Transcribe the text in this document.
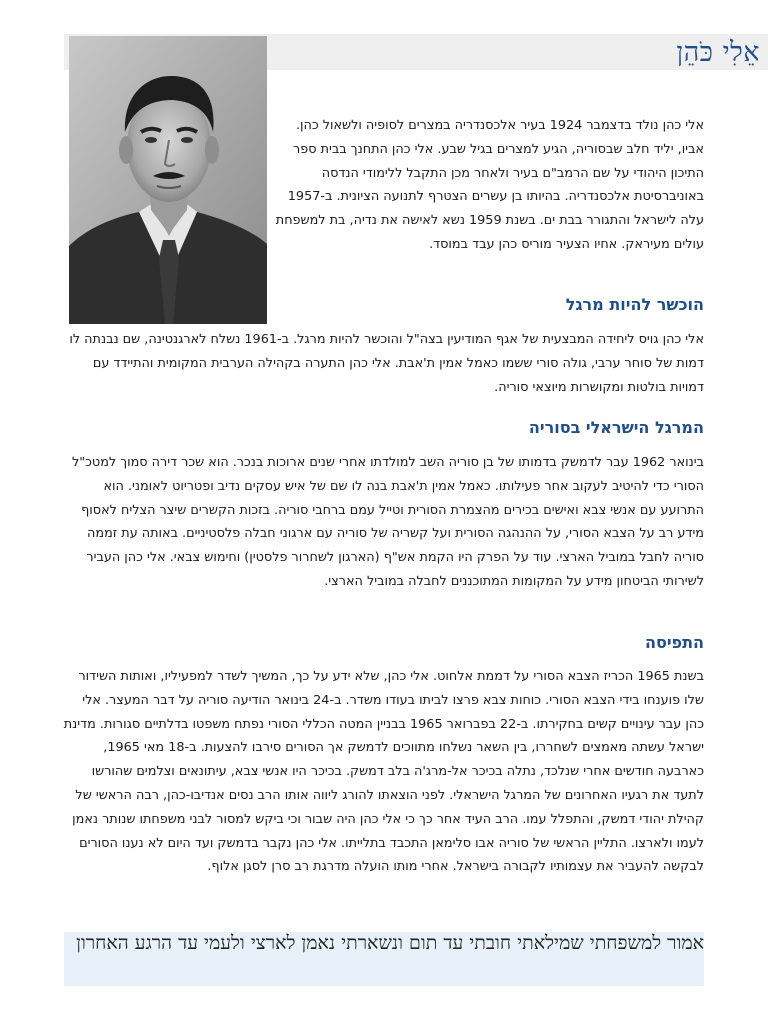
אֵלִי כֹּהֵן

אלי כהן נולד בדצמבר 1924 בעיר אלכסנדריה במצרים לסופיה ולשאול כהן. אביו, יליד חלב שבסוריה, הגיע למצרים בגיל שבע. אלי כהן התחנך בבית ספר התיכון היהודי על שם הרמב"ם בעיר ולאחר מכן התקבל ללימודי הנדסה באוניברסיטת אלכסנדריה. בהיותו בן עשרים הצטרף לתנועה הציונית. ב-1957 עלה לישראל והתגורר בבת ים. בשנת 1959 נשא לאישה את נדיה, בת למשפחת עולים מעיראק. אחיו הצעיר מוריס כהן עבד במוסד.

הוכשר להיות מרגל

אלי כהן גויס ליחידה המבצעית של אגף המודיעין בצה"ל והוכשר להיות מרגל. ב-1961 נשלח לארגנטינה, שם נבנתה לו דמות של סוחר ערבי, גולה סורי ששמו כאמל אמין ת'אבת. אלי כהן התערה בקהילה הערבית המקומית והתיידד עם דמויות בולטות ומקושרות מיוצאי סוריה.

המרגל הישראלי בסוריה

בינואר 1962 עבר לדמשק בדמותו של בן סוריה השב למולדתו אחרי שנים ארוכות בנכר. הוא שכר דירה סמוך למטכ"ל הסורי כדי להיטיב לעקוב אחר פעילותו. כאמל אמין ת'אבת בנה לו שם של איש עסקים נדיב ופטריוט לאומני. הוא התרועע עם אנשי צבא ואישים בכירים מהצמרת הסורית וטייל עמם ברחבי סוריה. בזכות הקשרים שיצר הצליח לאסוף מידע רב על הצבא הסורי, על ההנהגה הסורית ועל קשריה של סוריה עם ארגוני חבלה פלסטיניים. באותה עת זממה סוריה לחבל במוביל הארצי. עוד על הפרק היו הקמת אש"ף (הארגון לשחרור פלסטין) וחימוש צבאי. אלי כהן העביר לשירותי הביטחון מידע על המקומות המתוכננים לחבלה במוביל הארצי.

התפיסה

בשנת 1965 הכריז הצבא הסורי על דממת אלחוט. אלי כהן, שלא ידע על כך, המשיך לשדר למפעיליו, ואותות השידור שלו פוענחו בידי הצבא הסורי. כוחות צבא פרצו לביתו בעודו משדר. ב-24 בינואר הודיעה סוריה על דבר המעצר. אלי כהן עבר עינויים קשים בחקירתו. ב-22 בפברואר 1965 בבניין המטה הכללי הסורי נפתח משפטו בדלתיים סגורות. מדינת ישראל עשתה מאמצים לשחררו, בין השאר נשלחו מתווכים לדמשק אך הסורים סירבו להצעות. ב-18 מאי 1965, כארבעה חודשים אחרי שנלכד, נתלה בכיכר אל-מרג'ה בלב דמשק. בכיכר היו אנשי צבא, עיתונאים וצלמים שהורשו לתעד את רגעיו האחרונים של המרגל הישראלי. לפני הוצאתו להורג ליווה אותו הרב נסים אנדיבו-כהן, רבה הראשי של קהילת יהודי דמשק, והתפלל עמו. הרב העיד אחר כך כי אלי כהן היה שבור וכי ביקש למסור לבני משפחתו שנותר נאמן לעמו ולארצו. התליין הראשי של סוריה אבו סלימאן התכבד בתלייתו. אלי כהן נקבר בדמשק ועד היום לא נענו הסורים לבקשה להעביר את עצמותיו לקבורה בישראל. אחרי מותו הועלה מדרגת רב סרן לסגן אלוף.

אמור למשפחתי שמילאתי חובתי עד תום ונשארתי נאמן לארצי ולעמי עד הרגע האחרון
